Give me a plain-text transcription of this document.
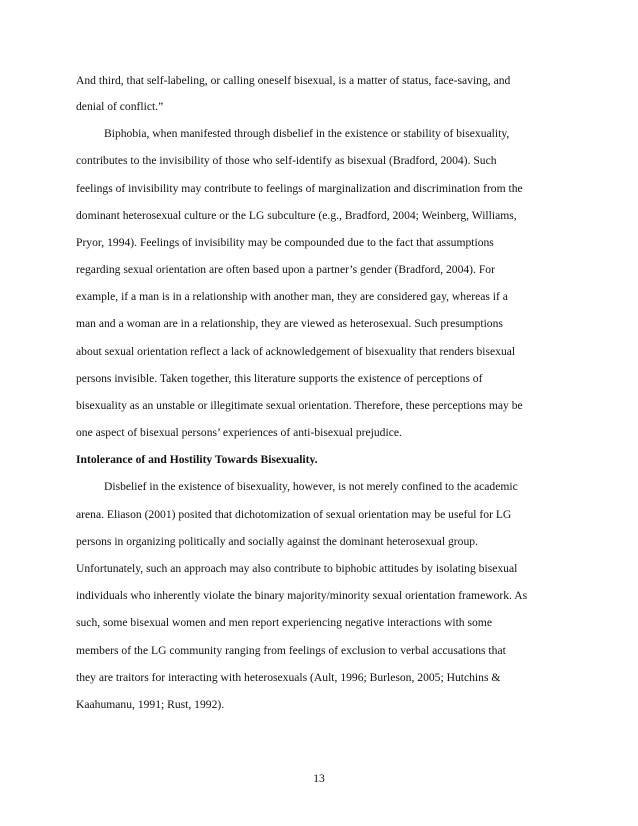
And third, that self-labeling, or calling oneself bisexual, is a matter of status, face-saving, and
denial of conflict.”
Biphobia, when manifested through disbelief in the existence or stability of bisexuality,
contributes to the invisibility of those who self-identify as bisexual (Bradford, 2004). Such
feelings of invisibility may contribute to feelings of marginalization and discrimination from the
dominant heterosexual culture or the LG subculture (e.g., Bradford, 2004; Weinberg, Williams,
Pryor, 1994). Feelings of invisibility may be compounded due to the fact that assumptions
regarding sexual orientation are often based upon a partner’s gender (Bradford, 2004). For
example, if a man is in a relationship with another man, they are considered gay, whereas if a
man and a woman are in a relationship, they are viewed as heterosexual. Such presumptions
about sexual orientation reflect a lack of acknowledgement of bisexuality that renders bisexual
persons invisible. Taken together, this literature supports the existence of perceptions of
bisexuality as an unstable or illegitimate sexual orientation. Therefore, these perceptions may be
one aspect of bisexual persons’ experiences of anti-bisexual prejudice.
Intolerance of and Hostility Towards Bisexuality.
Disbelief in the existence of bisexuality, however, is not merely confined to the academic
arena. Eliason (2001) posited that dichotomization of sexual orientation may be useful for LG
persons in organizing politically and socially against the dominant heterosexual group.
Unfortunately, such an approach may also contribute to biphobic attitudes by isolating bisexual
individuals who inherently violate the binary majority/minority sexual orientation framework. As
such, some bisexual women and men report experiencing negative interactions with some
members of the LG community ranging from feelings of exclusion to verbal accusations that
they are traitors for interacting with heterosexuals (Ault, 1996; Burleson, 2005; Hutchins &
Kaahumanu, 1991; Rust, 1992).
13
